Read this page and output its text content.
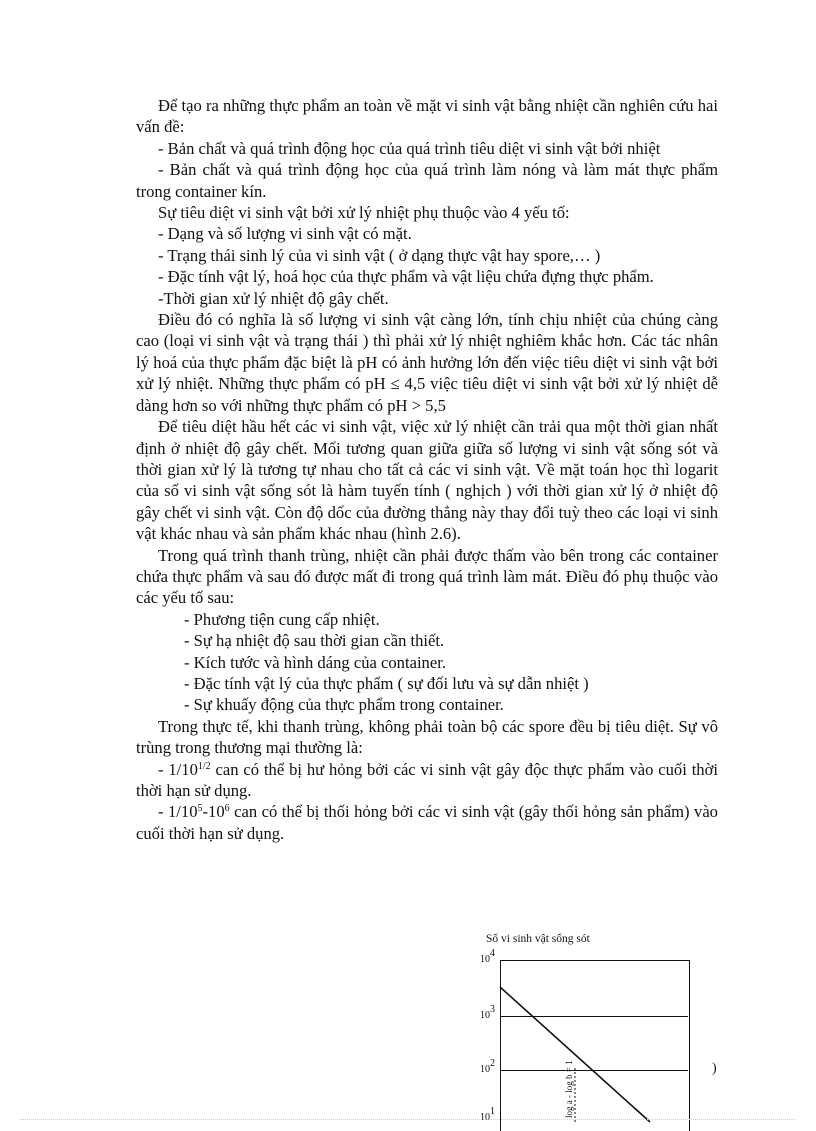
Để tạo ra những thực phẩm an toàn về mặt vi sinh vật bằng nhiệt cần nghiên cứu hai vấn đề:

- Bản chất và quá trình động học của quá trình tiêu diệt vi sinh vật bởi nhiệt

- Bản chất và quá trình động học của quá trình làm nóng và làm mát thực phẩm trong container kín.

Sự tiêu diệt vi sinh vật bởi xử lý nhiệt phụ thuộc vào 4 yếu tố:

- Dạng và số lượng vi sinh vật có mặt.

- Trạng thái sinh lý của vi sinh vật ( ở dạng thực vật hay spore,… )

- Đặc tính vật lý, hoá học của thực phẩm và vật liệu chứa đựng thực phẩm.

-Thời gian xử lý nhiệt độ gây chết.

Điều đó có nghĩa là số lượng vi sinh vật càng lớn, tính chịu nhiệt của chúng càng cao (loại vi sinh vật và trạng thái ) thì phải xử lý nhiệt nghiêm khắc hơn. Các tác nhân lý hoá của thực phẩm đặc biệt là pH có ảnh hưởng lớn đến việc tiêu diệt vi sinh vật bởi xử lý nhiệt. Những thực phẩm có pH ≤ 4,5 việc tiêu diệt vi sinh vật bởi xử lý nhiệt dễ dàng hơn so với những thực phẩm có pH > 5,5

Để tiêu diệt hầu hết các vi sinh vật, việc xử lý nhiệt cần trải qua một thời gian nhất định ở nhiệt độ gây chết. Mối tương quan giữa giữa số lượng vi sinh vật sống sót và thời gian xử lý là tương tự nhau cho tất cả các vi sinh vật. Về mặt toán học thì logarit của số vi sinh vật sống sót là hàm tuyến tính ( nghịch ) với thời gian xử lý ở nhiệt độ gây chết vi sinh vật. Còn độ dốc của đường thẳng này thay đổi tuỳ theo các loại vi sinh vật khác nhau và sản phẩm khác nhau (hình 2.6).

Trong quá trình thanh trùng, nhiệt cần phải được thấm vào bên trong các container chứa thực phẩm và sau đó được mất đi trong quá trình làm mát. Điều đó phụ thuộc vào các yếu tố sau:

- Phương tiện cung cấp nhiệt.

- Sự hạ nhiệt độ sau thời gian cần thiết.

- Kích tước và hình dáng của container.

- Đặc tính vật lý của thực phẩm ( sự đối lưu và sự dẫn nhiệt )

- Sự khuấy động của thực phẩm trong container.

Trong thực tế, khi thanh trùng, không phải toàn bộ các spore đều bị tiêu diệt. Sự vô trùng trong thương mại thường là:

- $1/10^{1/2}$ can có thể bị hư hỏng bởi các vi sinh vật gây độc thực phẩm vào cuối thời thời hạn sử dụng.

- $1/10^5-10^6$ can có thể bị thối hỏng bởi các vi sinh vật (gây thối hỏng sản phẩm) vào cuối thời hạn sử dụng.

Số vi sinh vật sống sót
$10^4$
$10^3$
$10^2$
$10^1$	log a - log b = 1	)
